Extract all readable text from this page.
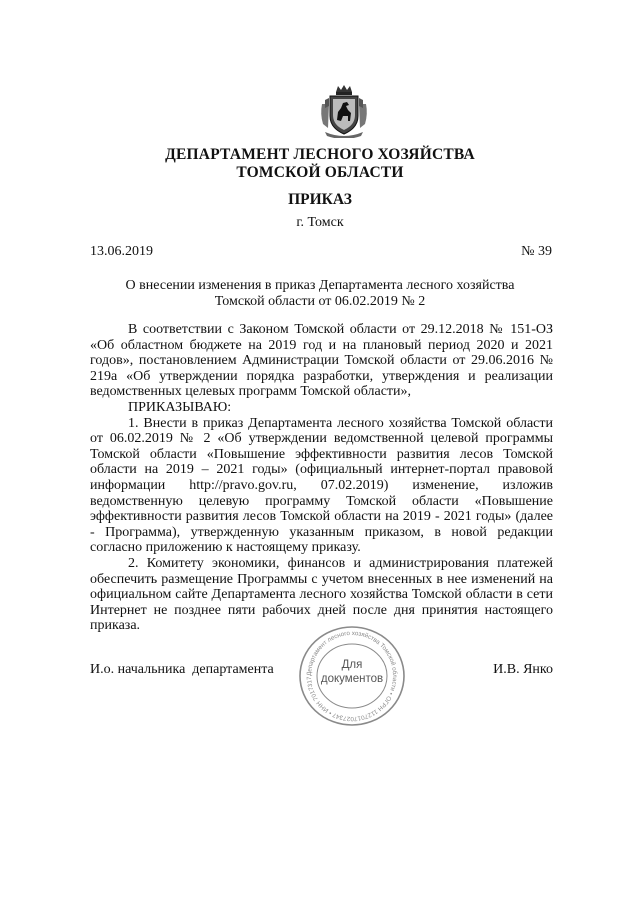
ДЕПАРТАМЕНТ ЛЕСНОГО ХОЗЯЙСТВА
ТОМСКОЙ ОБЛАСТИ
ПРИКАЗ
г. Томск
13.06.2019	№ 39
О внесении изменения в приказ Департамента лесного хозяйства
Томской области от 06.02.2019 № 2

В соответствии с Законом Томской области от 29.12.2018 № 151-ОЗ «Об областном бюджете на 2019 год и на плановый период 2020 и 2021 годов», постановлением Администрации Томской области от 29.06.2016 № 219а «Об утверждении порядка разработки, утверждения и реализации ведомственных целевых программ Томской области»,

ПРИКАЗЫВАЮ:

1. Внести в приказ Департамента лесного хозяйства Томской области от 06.02.2019 № 2 «Об утверждении ведомственной целевой программы Томской области «Повышение эффективности развития лесов Томской области на 2019 – 2021 годы» (официальный интернет-портал правовой информации http://pravo.gov.ru, 07.02.2019) изменение, изложив ведомственную целевую программу Томской области «Повышение эффективности развития лесов Томской области на 2019 - 2021 годы» (далее - Программа), утвержденную указанным приказом, в новой редакции согласно приложению к настоящему приказу.

2. Комитету экономики, финансов и администрирования платежей обеспечить размещение Программы с учетом внесенных в нее изменений на официальном сайте Департамента лесного хозяйства Томской области в сети Интернет не позднее пяти рабочих дней после дня принятия настоящего приказа.

Департамент лесного хозяйства Томской области • ОГРН 1127017027347 • ИНН 7017317
Для
документов
И.о. начальника  департамента	И.В. Янко
